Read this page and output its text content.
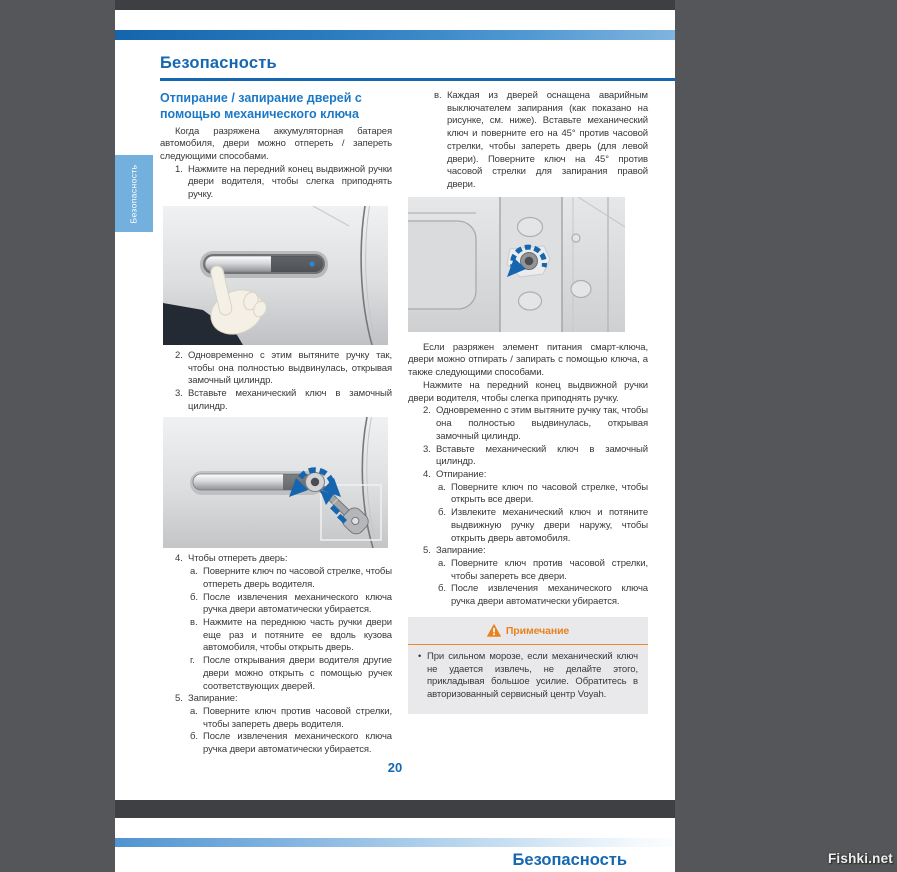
Безопасность
Отпирание / запирание дверей с помощью механического ключа

Когда разряжена аккумуляторная батарея автомобиля, двери можно отпереть / запереть следующими способами.

1. Нажмите на передний конец выдвижной ручки двери водителя, чтобы слегка приподнять ручку.
2. Одновременно с этим вытяните ручку так, чтобы она полностью выдвинулась, открывая замочный цилиндр.
3. Вставьте механический ключ в замочный цилиндр.
4. Чтобы отпереть дверь:
а. Поверните ключ по часовой стрелке, чтобы отпереть дверь водителя.
б. После извлечения механического ключа ручка двери автоматически убирается.
в. Нажмите на переднюю часть ручки двери еще раз и потяните ее вдоль кузова автомобиля, чтобы открыть дверь.
г. После открывания двери водителя другие двери можно открыть с помощью ручек соответствующих дверей.
5. Запирание:
а. Поверните ключ против часовой стрелки, чтобы запереть дверь водителя.
б. После извлечения механического ключа ручка двери автоматически убирается.
в. Каждая из дверей оснащена аварийным выключателем запирания (как показано на рисунке, см. ниже). Вставьте механический ключ и поверните его на 45° против часовой стрелки, чтобы запереть дверь (для левой двери). Поверните ключ на 45° против часовой стрелки для запирания правой двери.

Если разряжен элемент питания смарт-ключа, двери можно отпирать / запирать с помощью ключа, а также следующими способами.

Нажмите на передний конец выдвижной ручки двери водителя, чтобы слегка приподнять ручку.

2. Одновременно с этим вытяните ручку так, чтобы она полностью выдвинулась, открывая замочный цилиндр.
3. Вставьте механический ключ в замочный цилиндр.
4. Отпирание:
а. Поверните ключ по часовой стрелке, чтобы открыть все двери.
б. Извлеките механический ключ и потяните выдвижную ручку двери наружу, чтобы открыть дверь автомобиля.
5. Запирание:
а. Поверните ключ против часовой стрелки, чтобы запереть все двери.
б. После извлечения механического ключа ручка двери автоматически убирается.
Примечание
• При сильном морозе, если механический ключ не удается извлечь, не делайте этого, прикладывая большое усилие. Обратитесь в авторизованный сервисный центр Voyah.
20
Безопасность
Безопасность	Fishki.net
